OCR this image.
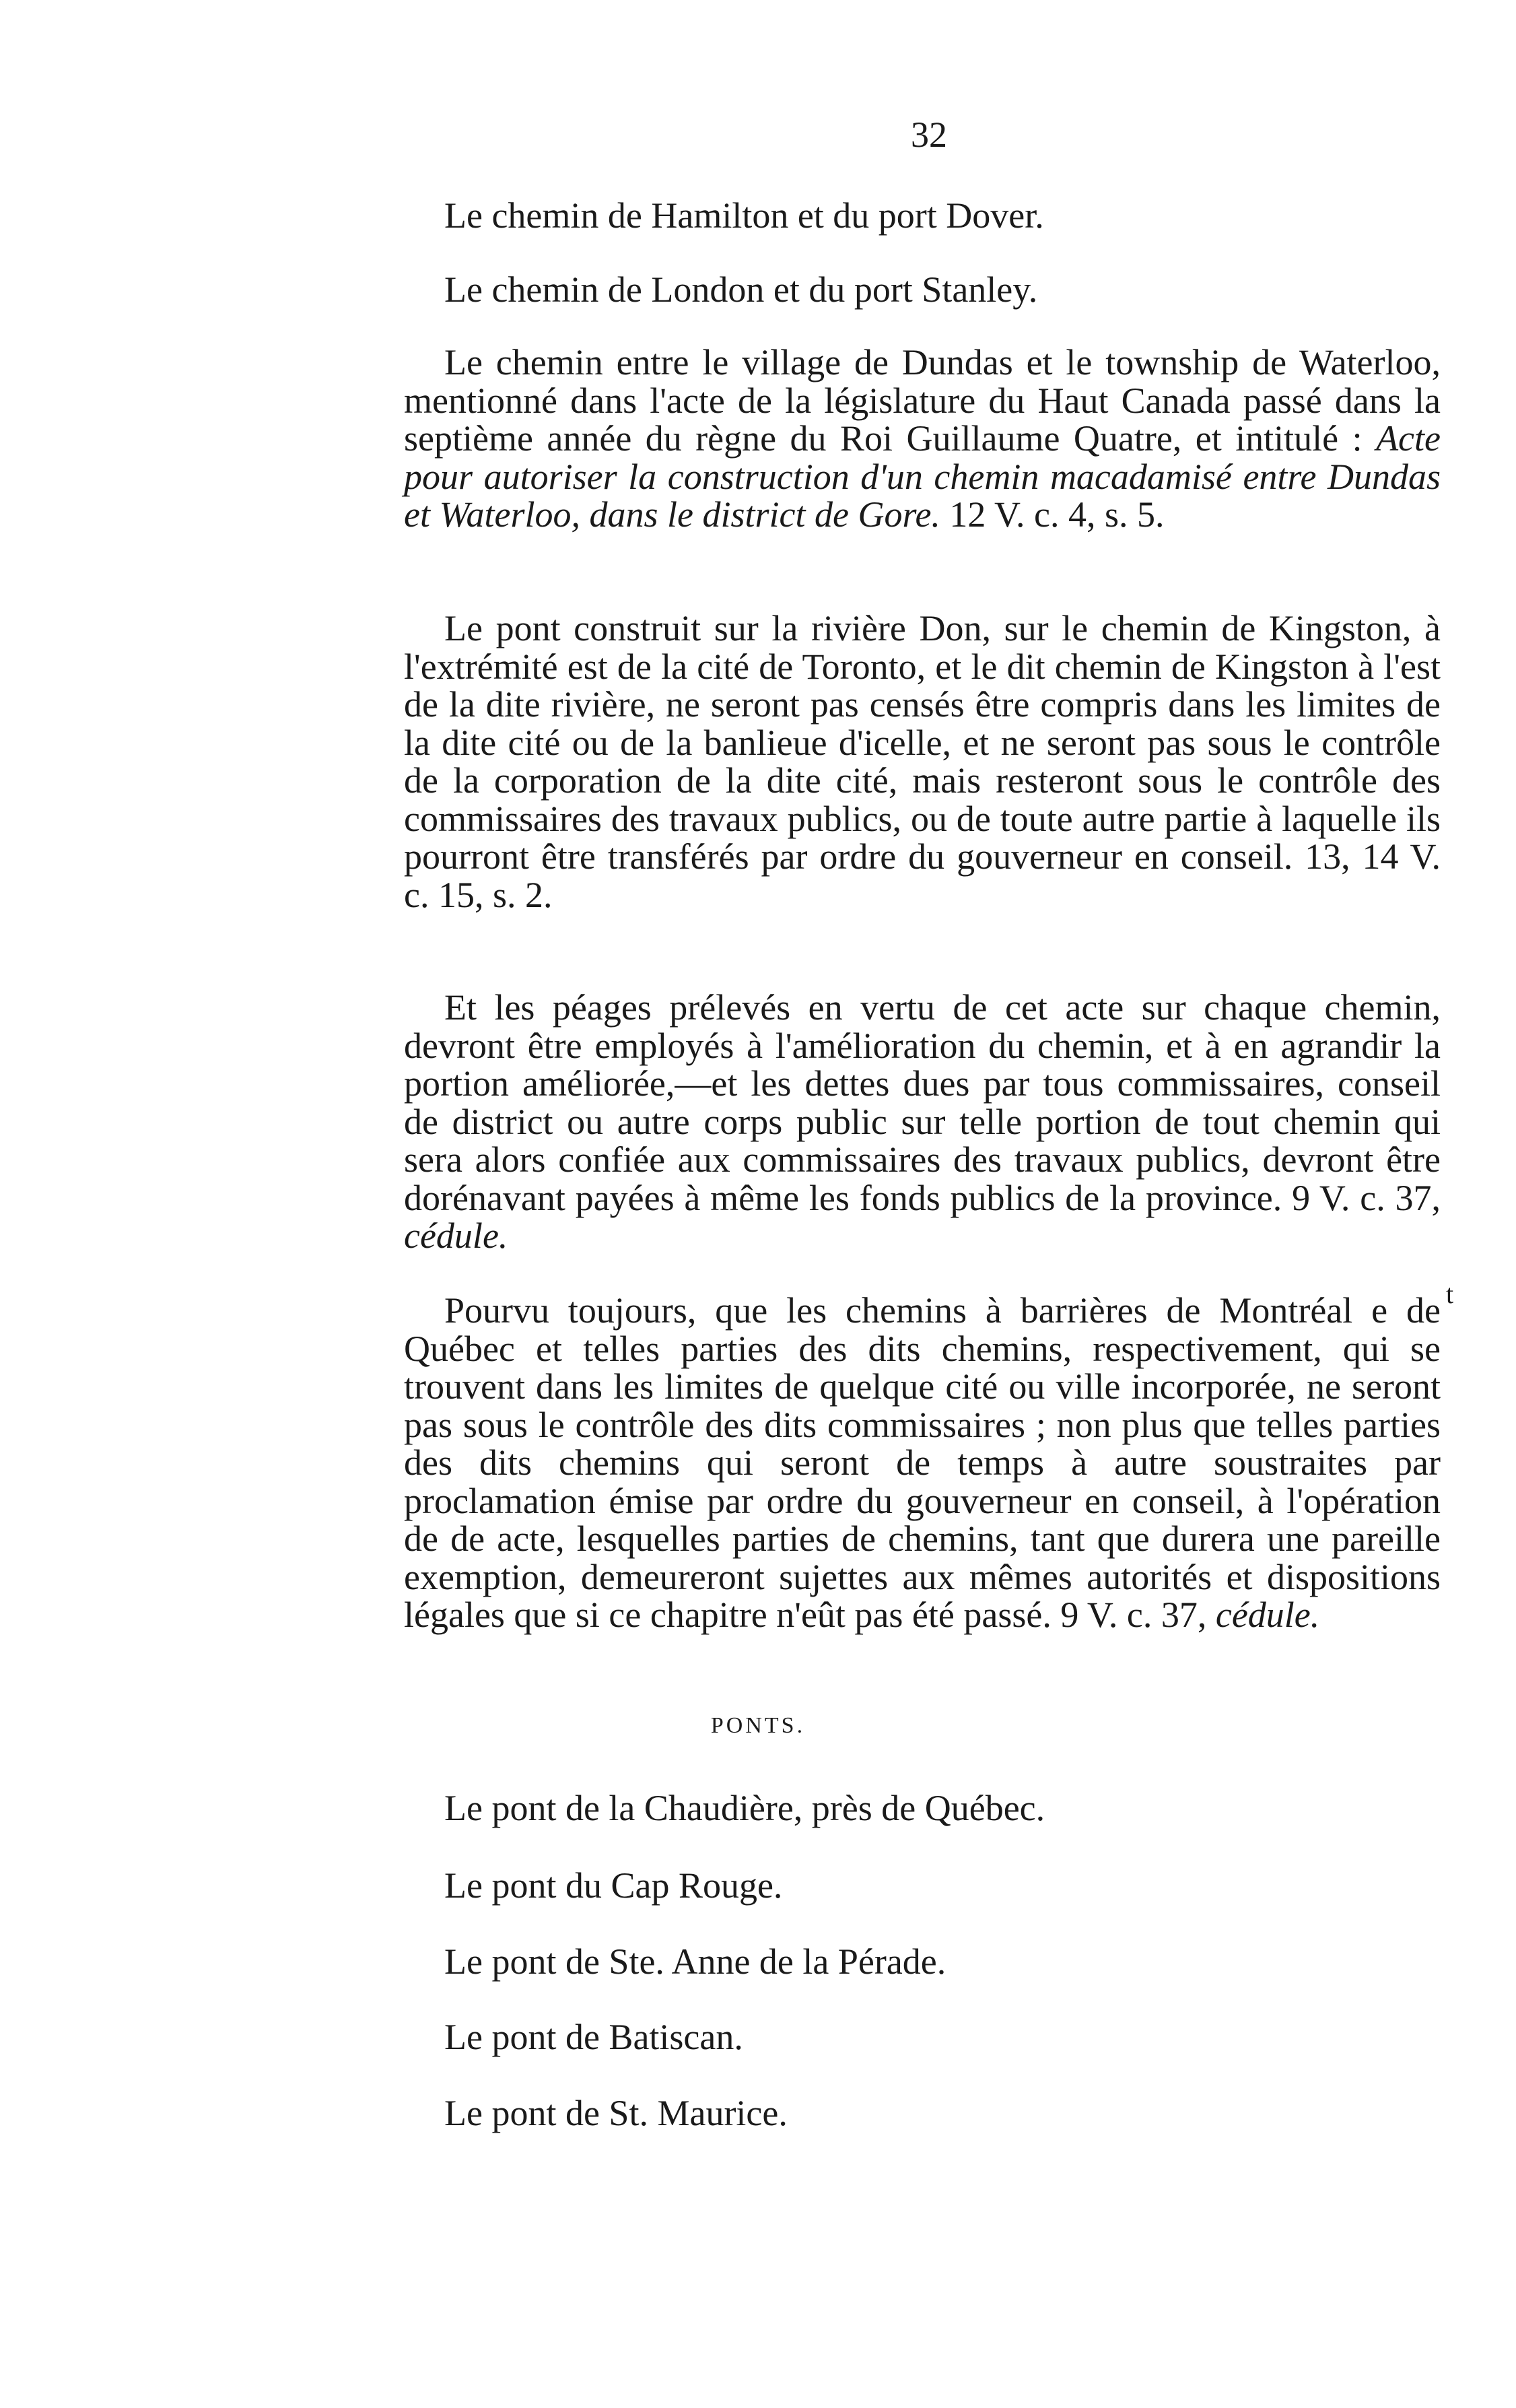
32
Le chemin de Hamilton et du port Dover.
Le chemin de London et du port Stanley.
Le chemin entre le village de Dundas et le township de Waterloo, mentionné dans l'acte de la législature du Haut Canada passé dans la septième année du règne du Roi Guillaume Quatre, et intitulé : Acte pour autoriser la construction d'un chemin macadamisé entre Dundas et Waterloo, dans le district de Gore. 12 V. c. 4, s. 5.
Le pont construit sur la rivière Don, sur le chemin de Kingston, à l'extrémité est de la cité de Toronto, et le dit chemin de Kingston à l'est de la dite rivière, ne seront pas censés être compris dans les limites de la dite cité ou de la banlieue d'icelle, et ne seront pas sous le contrôle de la corporation de la dite cité, mais resteront sous le contrôle des commissaires des travaux publics, ou de toute autre partie à laquelle ils pourront être transférés par ordre du gouverneur en conseil. 13, 14 V. c. 15, s. 2.
Et les péages prélevés en vertu de cet acte sur chaque chemin, devront être employés à l'amélioration du chemin, et à en agrandir la portion améliorée,—et les dettes dues par tous commissaires, conseil de district ou autre corps public sur telle portion de tout chemin qui sera alors confiée aux commissaires des travaux publics, devront être dorénavant payées à même les fonds publics de la province. 9 V. c. 37, cédule.
t
Pourvu toujours, que les chemins à barrières de Montréal e de Québec et telles parties des dits chemins, respectivement, qui se trouvent dans les limites de quelque cité ou ville incorporée, ne seront pas sous le contrôle des dits commissaires ; non plus que telles parties des dits chemins qui seront de temps à autre soustraites par proclamation émise par ordre du gouverneur en conseil, à l'opération de de acte, lesquelles parties de chemins, tant que durera une pareille exemption, demeureront sujettes aux mêmes autorités et dispositions légales que si ce chapitre n'eût pas été passé. 9 V. c. 37, cédule.
PONTS.
Le pont de la Chaudière, près de Québec.
Le pont du Cap Rouge.
Le pont de Ste. Anne de la Pérade.
Le pont de Batiscan.
Le pont de St. Maurice.
